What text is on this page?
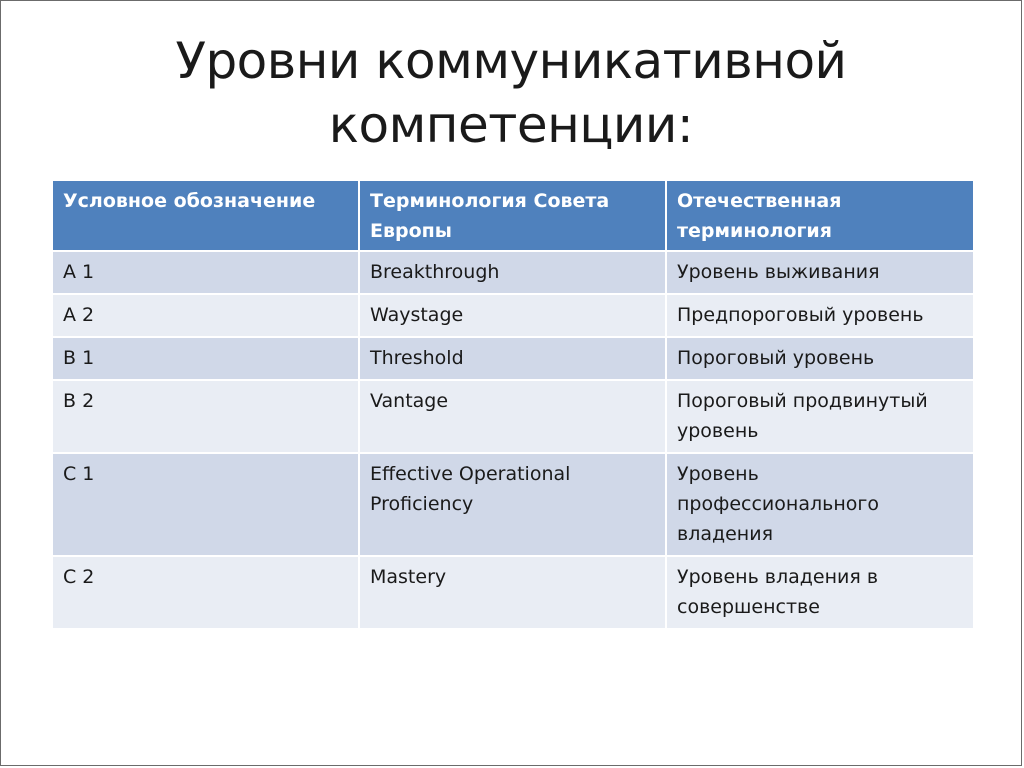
Уровни коммуникативной
компетенции:
Условное обозначение	Терминология Совета Европы	Отечественная терминология
А 1	Breakthrough	Уровень выживания
А 2	Waystage	Предпороговый уровень
В 1	Threshold	Пороговый уровень
В 2	Vantage	Пороговый продвинутый уровень
С 1	Effective Operational Proficiency	Уровень профессионального владения
С 2	Mastery	Уровень владения в совершенстве
